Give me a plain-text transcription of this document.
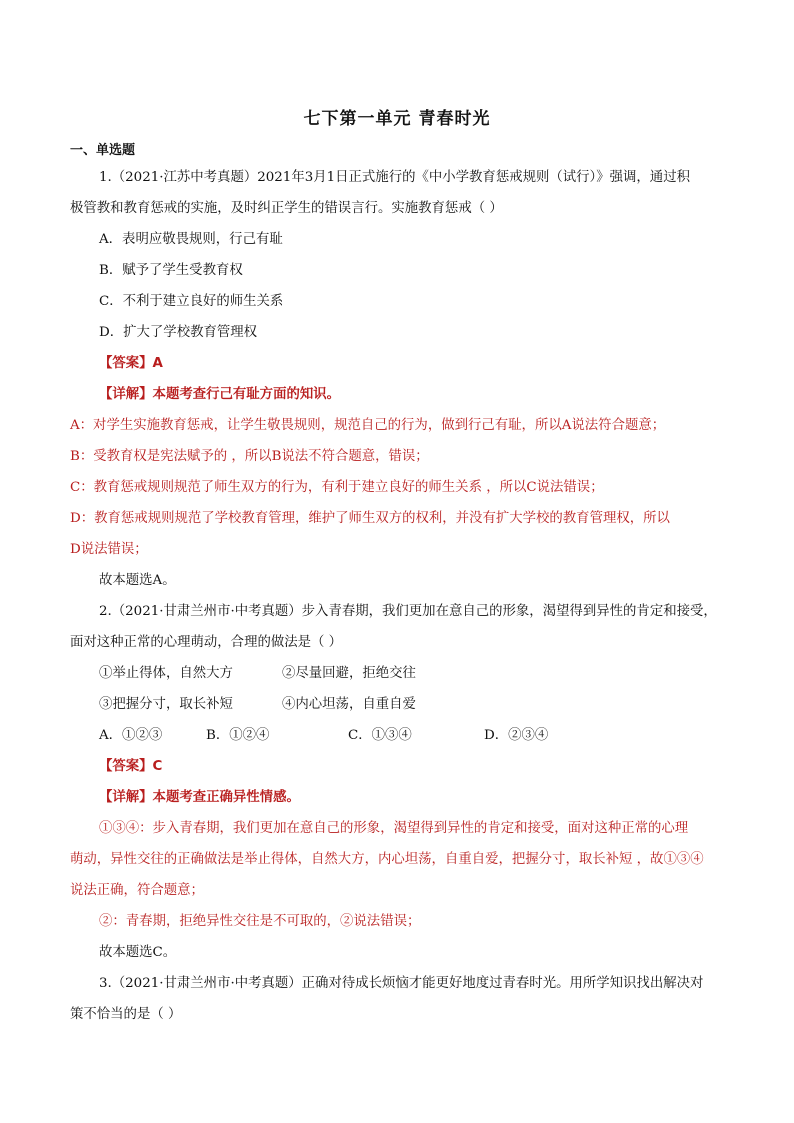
七下第一单元 青春时光
一、单选题

1.（2021·江苏中考真题）2021年3月1日正式施行的《中小学教育惩戒规则（试行）》强调，通过积

极管教和教育惩戒的实施，及时纠正学生的错误言行。实施教育惩戒（ ）

A．表明应敬畏规则，行己有耻

B．赋予了学生受教育权

C．不利于建立良好的师生关系

D．扩大了学校教育管理权

【答案】A

【详解】本题考查行己有耻方面的知识。

A：对学生实施教育惩戒，让学生敬畏规则，规范自己的行为，做到行己有耻，所以A说法符合题意；

B：受教育权是宪法赋予的 ，所以B说法不符合题意，错误；

C：教育惩戒规则规范了师生双方的行为，有利于建立良好的师生关系 ，所以C说法错误；

D：教育惩戒规则规范了学校教育管理，维护了师生双方的权利，并没有扩大学校的教育管理权，所以

D说法错误；

故本题选A。

2.（2021·甘肃兰州市·中考真题）步入青春期，我们更加在意自己的形象，渴望得到异性的肯定和接受，

面对这种正常的心理萌动，合理的做法是（ ）

①举止得体，自然大方	②尽量回避，拒绝交往
③把握分寸，取长补短	④内心坦荡，自重自爱
A．①②③	B．①②④	C．①③④	D．②③④

【答案】C

【详解】本题考查正确异性情感。

①③④：步入青春期，我们更加在意自己的形象，渴望得到异性的肯定和接受，面对这种正常的心理

萌动，异性交往的正确做法是举止得体，自然大方，内心坦荡，自重自爱，把握分寸，取长补短 ，故①③④

说法正确，符合题意；

②：青春期，拒绝异性交往是不可取的，②说法错误；

故本题选C。

3.（2021·甘肃兰州市·中考真题）正确对待成长烦恼才能更好地度过青春时光。用所学知识找出解决对

策不恰当的是（ ）
